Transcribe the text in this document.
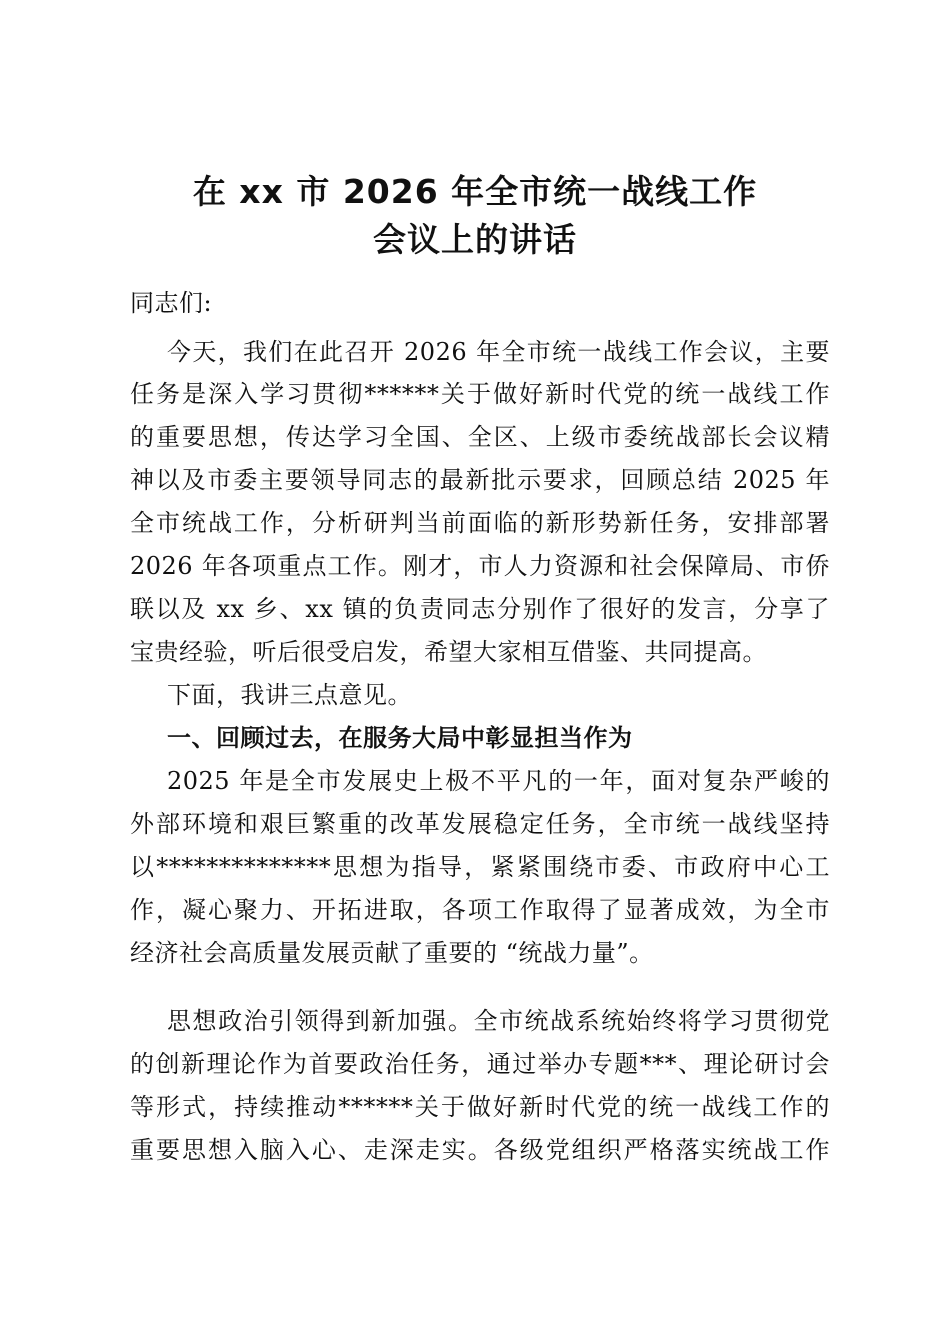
在 xx 市 2026 年全市统一战线工作
会议上的讲话
同志们:
今天，我们在此召开 2026 年全市统一战线工作会议，主要
任务是深入学习贯彻******关于做好新时代党的统一战线工作
的重要思想，传达学习全国、全区、上级市委统战部长会议精
神以及市委主要领导同志的最新批示要求，回顾总结 2025 年
全市统战工作，分析研判当前面临的新形势新任务，安排部署
2026 年各项重点工作。刚才，市人力资源和社会保障局、市侨
联以及 xx 乡、xx 镇的负责同志分别作了很好的发言，分享了
宝贵经验，听后很受启发，希望大家相互借鉴、共同提高。
下面，我讲三点意见。
一、回顾过去，在服务大局中彰显担当作为
2025 年是全市发展史上极不平凡的一年，面对复杂严峻的
外部环境和艰巨繁重的改革发展稳定任务，全市统一战线坚持
以**************思想为指导，紧紧围绕市委、市政府中心工
作，凝心聚力、开拓进取，各项工作取得了显著成效，为全市
经济社会高质量发展贡献了重要的 “统战力量”。
思想政治引领得到新加强。全市统战系统始终将学习贯彻党
的创新理论作为首要政治任务，通过举办专题***、理论研讨会
等形式，持续推动******关于做好新时代党的统一战线工作的
重要思想入脑入心、走深走实。各级党组织严格落实统战工作
